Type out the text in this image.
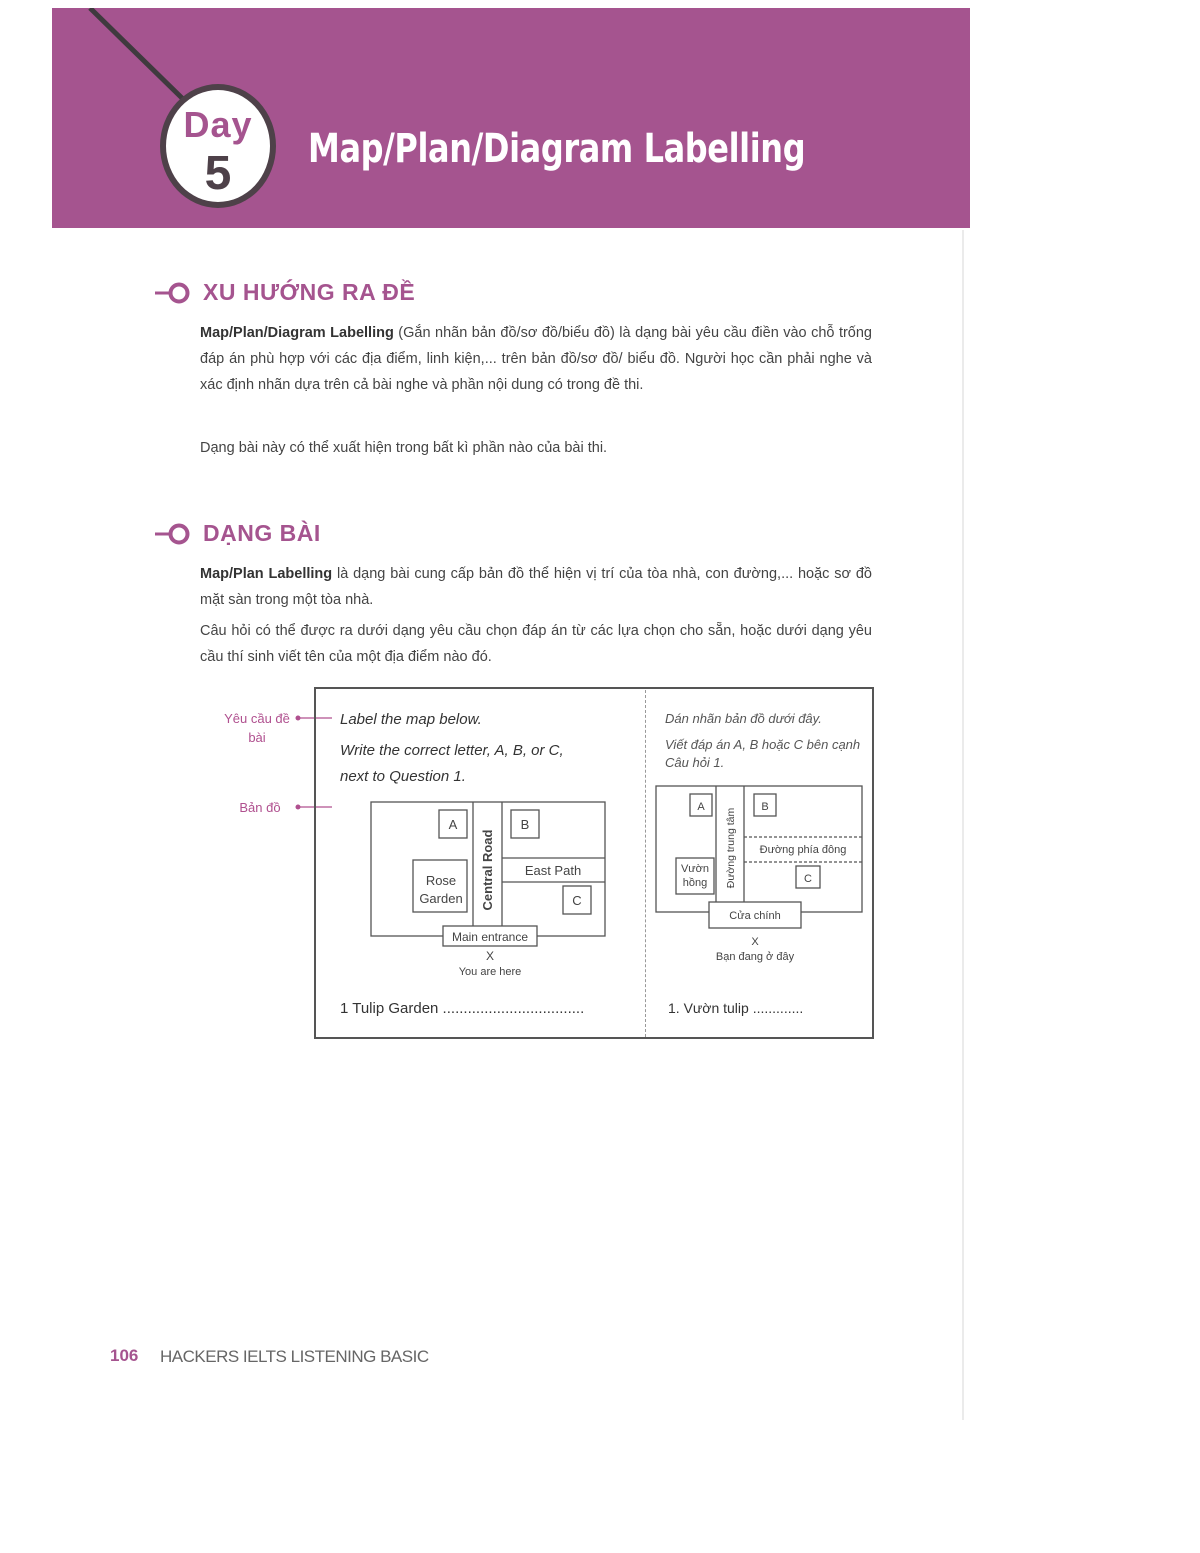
Day
5	Map/Plan/Diagram Labelling
XU HƯỚNG RA ĐỀ
Map/Plan/Diagram Labelling (Gắn nhãn bản đồ/sơ đồ/biểu đồ) là dạng bài yêu cầu điền vào chỗ trống đáp án phù hợp với các địa điểm, linh kiện,... trên bản đồ/sơ đồ/ biểu đồ. Người học cần phải nghe và xác định nhãn dựa trên cả bài nghe và phần nội dung có trong đề thi.
Dạng bài này có thể xuất hiện trong bất kì phần nào của bài thi.
DẠNG BÀI
Map/Plan Labelling là dạng bài cung cấp bản đồ thể hiện vị trí của tòa nhà, con đường,... hoặc sơ đồ mặt sàn trong một tòa nhà.
Câu hỏi có thể được ra dưới dạng yêu cầu chọn đáp án từ các lựa chọn cho sẵn, hoặc dưới dạng yêu cầu thí sinh viết tên của một địa điểm nào đó.
Yêu cầu đề bài
Bản đồ
Label the map below.
Write the correct letter, A, B, or C,
next to Question 1.
Dán nhãn bản đồ dưới đây.
Viết đáp án A, B hoặc C bên cạnh Câu hỏi 1.
A	B
C
Rose
Garden Central Road East Path
Main entrance
X
You are here
A	B
C
Vườn
hồng Đường trung tâm Đường phía đông
Cửa chính
X
Bạn đang ở đây
1 Tulip Garden ..................................	1. Vườn tulip .............
106 HACKERS IELTS LISTENING BASIC
